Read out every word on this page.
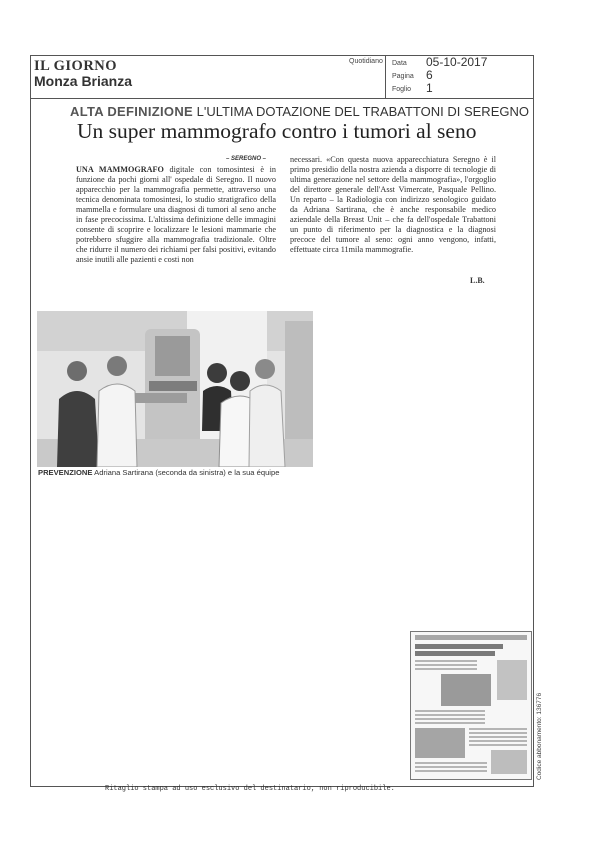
IL GIORNO
Monza Brianza
Quotidiano Data 05-10-2017
Pagina 6
Foglio 1
ALTA DEFINIZIONE L'ULTIMA DOTAZIONE DEL TRABATTONI DI SEREGNO
Un super mammografo contro i tumori al seno
– SEREGNO –
UNA MAMMOGRAFO digitale con tomosintesi è in funzione da pochi giorni all' ospedale di Seregno. Il nuovo apparecchio per la mammografia permette, attraverso una tecnica denominata tomosintesi, lo studio stratigrafico della mammella e formulare una diagnosi di tumori al seno anche in fase precocissima. L'altissima definizione delle immagini consente di scoprire e localizzare le lesioni mammarie che potrebbero sfuggire alla mammografia tradizionale. Oltre che ridurre il numero dei richiami per falsi positivi, evitando ansie inutili alle pazienti e costi non
necessari. «Con questa nuova apparecchiatura Seregno è il primo presidio della nostra azienda a disporre di tecnologie di ultima generazione nel settore della mammografia», l'orgoglio del direttore generale dell'Asst Vimercate, Pasquale Pellino. Un reparto – la Radiologia con indirizzo senologico guidato da Adriana Sartirana, che è anche responsabile medico aziendale della Breast Unit – che fa dell'ospedale Trabattoni un punto di riferimento per la diagnostica e la diagnosi precoce del tumore al seno: ogni anno vengono, infatti, effettuate circa 11mila mammografie.
L.B.
PREVENZIONE Adriana Sartirana (seconda da sinistra) e la sua équipe
Ritaglio stampa ad uso esclusivo del destinatario, non riproducibile.
Codice abbonamento: 136776
